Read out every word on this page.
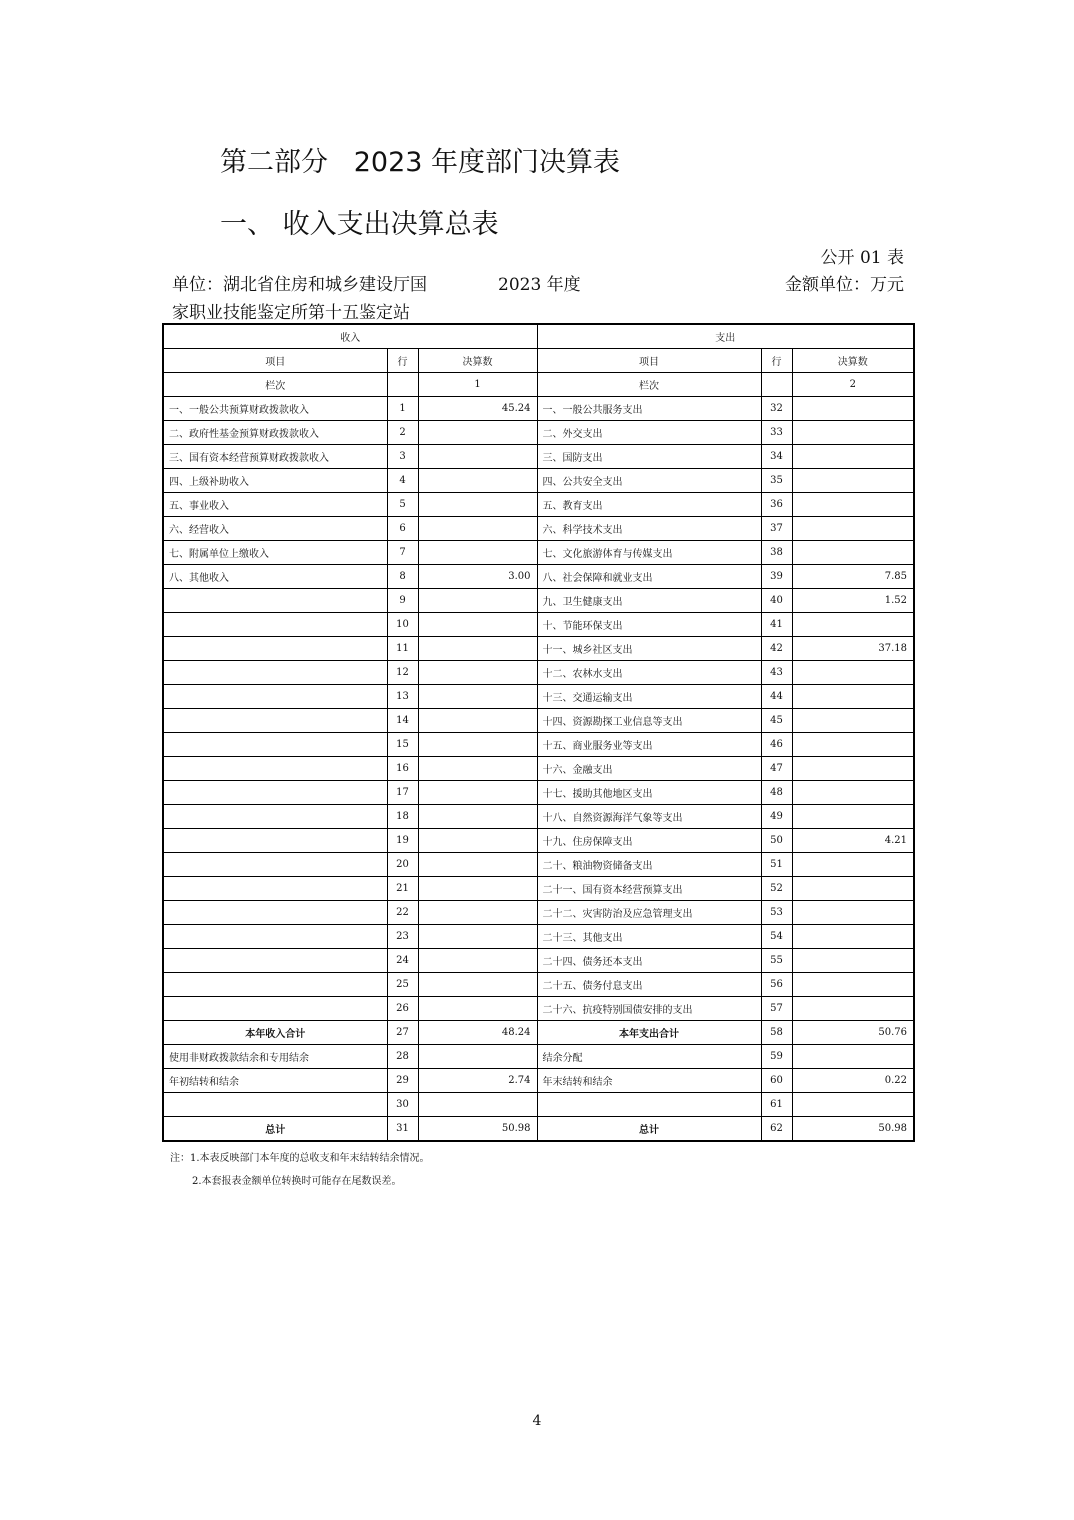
第二部分   2023 年度部门决算表
一、 收入支出决算总表
公开 01 表
单位：湖北省住房和城乡建设厅国	2023 年度	金额单位：万元
家职业技能鉴定所第十五鉴定站
收入			支出		
项目	行	决算数	项目	行	决算数
栏次		1	栏次		2
一、一般公共预算财政拨款收入	1	45.24	一、一般公共服务支出	32	
二、政府性基金预算财政拨款收入	2		二、外交支出	33	
三、国有资本经营预算财政拨款收入	3		三、国防支出	34	
四、上级补助收入	4		四、公共安全支出	35	
五、事业收入	5		五、教育支出	36	
六、经营收入	6		六、科学技术支出	37	
七、附属单位上缴收入	7		七、文化旅游体育与传媒支出	38	
八、其他收入	8	3.00	八、社会保障和就业支出	39	7.85
	9		九、卫生健康支出	40	1.52
	10		十、节能环保支出	41	
	11		十一、城乡社区支出	42	37.18
	12		十二、农林水支出	43	
	13		十三、交通运输支出	44	
	14		十四、资源勘探工业信息等支出	45	
	15		十五、商业服务业等支出	46	
	16		十六、金融支出	47	
	17		十七、援助其他地区支出	48	
	18		十八、自然资源海洋气象等支出	49	
	19		十九、住房保障支出	50	4.21
	20		二十、粮油物资储备支出	51	
	21		二十一、国有资本经营预算支出	52	
	22		二十二、灾害防治及应急管理支出	53	
	23		二十三、其他支出	54	
	24		二十四、债务还本支出	55	
	25		二十五、债务付息支出	56	
	26		二十六、抗疫特别国债安排的支出	57	
本年收入合计	27	48.24	本年支出合计	58	50.76
使用非财政拨款结余和专用结余	28		结余分配	59	
年初结转和结余	29	2.74	年末结转和结余	60	0.22
	30			61	
总计	31	50.98	总计	62	50.98
注：1.本表反映部门本年度的总收支和年末结转结余情况。
2.本套报表金额单位转换时可能存在尾数误差。
4
